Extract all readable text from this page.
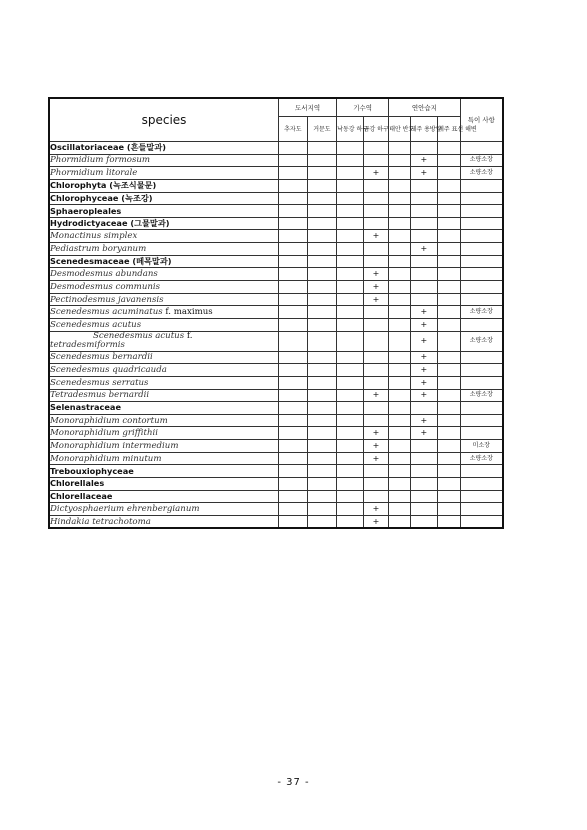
species	도서지역		기수역		연안습지			특이 사항
	추자도	거문도	낙동강 하구	금강 하구	태안 반도	제주 용방앞	제주 표선 해변	
Oscillatoriaceae (흔들말과)								
Phormidium formosum						+		소량소장
Phormidium litorale				+		+		소량소장
Chlorophyta (녹조식물문)								
Chlorophyceae (녹조강)								
Sphaeropleales								
Hydrodictyaceae (그물말과)								
Monactinus simplex				+				
Pediastrum boryanum						+		
Scenedesmaceae (떼목말과)								
Desmodesmus abundans				+				
Desmodesmus communis				+				
Pectinodesmus javanensis				+				
Scenedesmus acuminatus f. maximus						+		소량소장
Scenedesmus acutus						+		
Scenedesmus acutus f.
tetradesmiformis						+		소량소장
Scenedesmus bernardii						+		
Scenedesmus quadricauda						+		
Scenedesmus serratus						+		
Tetradesmus bernardii				+		+		소량소장
Selenastraceae								
Monoraphidium contortum						+		
Monoraphidium griffithii				+		+		
Monoraphidium intermedium				+				미소장
Monoraphidium minutum				+				소량소장
Trebouxiophyceae								
Chlorellales								
Chlorellaceae								
Dictyosphaerium ehrenbergianum				+				
Hindakia tetrachotoma				+				
- 37 -
